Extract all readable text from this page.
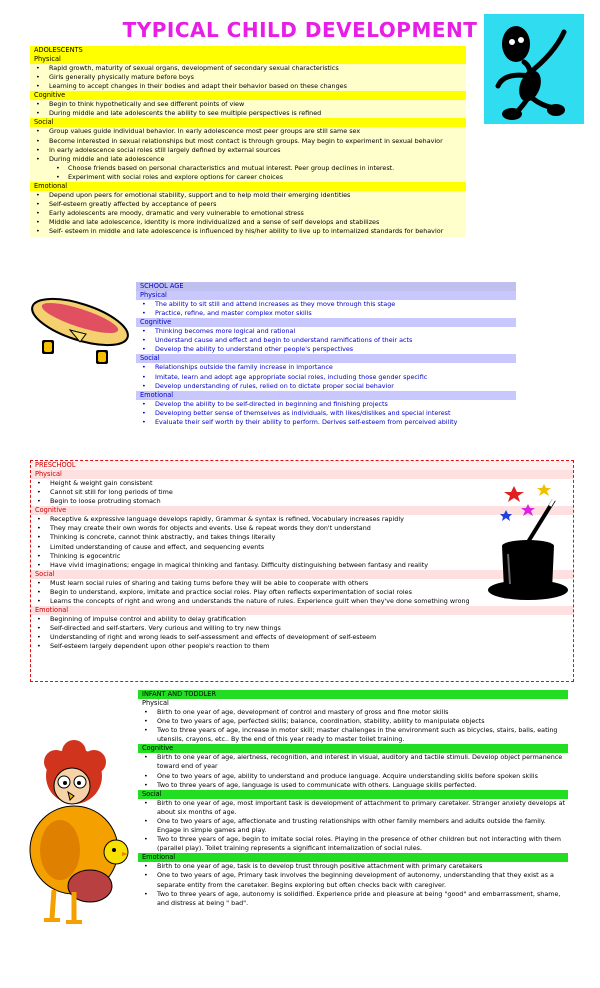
TYPICAL CHILD DEVELOPMENT
ADOLESCENTS
Physical
• Rapid growth, maturity of sexual organs, development of secondary sexual characteristics
• Girls generally physically mature before boys
• Learning to accept changes in their bodies and adapt their behavior based on these changes
Cognitive
• Begin to think hypothetically and see different points of view
• During middle and late adolescents the ability to see multiple perspectives is refined
Social
• Group values guide individual behavior. In early adolescence most peer groups are still same sex
• Become interested in sexual relationships but most contact is through groups. May begin to experiment in sexual behavior
• In early adolescence social roles still largely defined by external sources
• During middle and late adolescence
• Choose friends based on personal characteristics and mutual interest. Peer group declines in interest.
• Experiment with social roles and explore options for career choices
Emotional
• Depend upon peers for emotional stability, support and to help mold their emerging identities
• Self-esteem greatly affected by acceptance of peers
• Early adolescents are moody, dramatic and very vulnerable to emotional stress
• Middle and late adolescence, identity is more individualized and a sense of self develops and stabilizes
• Self- esteem in middle and late adolescence is influenced by his/her ability to live up to internalized standards for behavior
SCHOOL AGE
Physical
• The ability to sit still and attend increases as they move through this stage
• Practice, refine, and master complex motor skills
Cognitive
• Thinking becomes more logical and rational
• Understand cause and effect and begin to understand ramifications of their acts
• Develop the ability to understand other people's perspectives
Social
• Relationships outside the family increase in importance
• Imitate, learn and adopt age appropriate social roles, including those gender specific
• Develop understanding of rules, relied on to dictate proper social behavior
Emotional
• Develop the ability to be self-directed in beginning and finishing projects
• Developing better sense of themselves as individuals, with likes/dislikes and special interest
• Evaluate their self worth by their ability to perform. Derives self-esteem from perceived ability
PRESCHOOL
Physical
• Height & weight gain consistent
• Cannot sit still for long periods of time
• Begin to loose protruding stomach
Cognitive
• Receptive & expressive language develops rapidly, Grammar & syntax is refined, Vocabulary increases rapidly
• They may create their own words for objects and events. Use & repeat words they don't understand
• Thinking is concrete, cannot think abstractly, and takes things literally
• Limited understanding of cause and effect, and sequencing events
• Thinking is egocentric
• Have vivid imaginations; engage in magical thinking and fantasy. Difficulty distinguishing between fantasy and reality
Social
• Must learn social rules of sharing and taking turns before they will be able to cooperate with others
• Begin to understand, explore, imitate and practice social roles. Play often reflects experimentation of social roles
• Learns the concepts of right and wrong and understands the nature of rules. Experience guilt when they've done something wrong
Emotional
• Beginning of impulse control and ability to delay gratification
• Self-directed and self-starters. Very curious and willing to try new things
• Understanding of right and wrong leads to self-assessment and effects of development of self-esteem
• Self-esteem largely dependent upon other people's reaction to them
INFANT AND TODDLER
Physical
• Birth to one year of age, development of control and mastery of gross and fine motor skills
• One to two years of age, perfected skills; balance, coordination, stability, ability to manipulate objects
• Two to three years of age, increase in motor skill; master challenges in the environment such as bicycles, stairs, balls, eating utensils, crayons, etc.. By the end of this year ready to master toilet training.
Cognitive
• Birth to one year of age, alertness, recognition, and interest in visual, auditory and tactile stimuli. Develop object permanence toward end of year
• One to two years of age, ability to understand and produce language. Acquire understanding skills before spoken skills
• Two to three years of age, language is used to communicate with others. Language skills perfected.
Social
• Birth to one year of age, most important task is development of attachment to primary caretaker. Stranger anxiety develops at about six months of age.
• One to two years of age, affectionate and trusting relationships with other family members and adults outside the family. Engage in simple games and play.
• Two to three years of age, begin to imitate social roles. Playing in the presence of other children but not interacting with them (parallel play). Toilet training represents a significant internalization of social rules.
Emotional
• Birth to one year of age, task is to develop trust through positive attachment with primary caretakers
• One to two years of age, Primary task involves the beginning development of autonomy, understanding that they exist as a separate entity from the caretaker. Begins exploring but often checks back with caregiver.
• Two to three years of age, autonomy is solidified. Experience pride and pleasure at being "good" and embarrassment, shame, and distress at being " bad".
